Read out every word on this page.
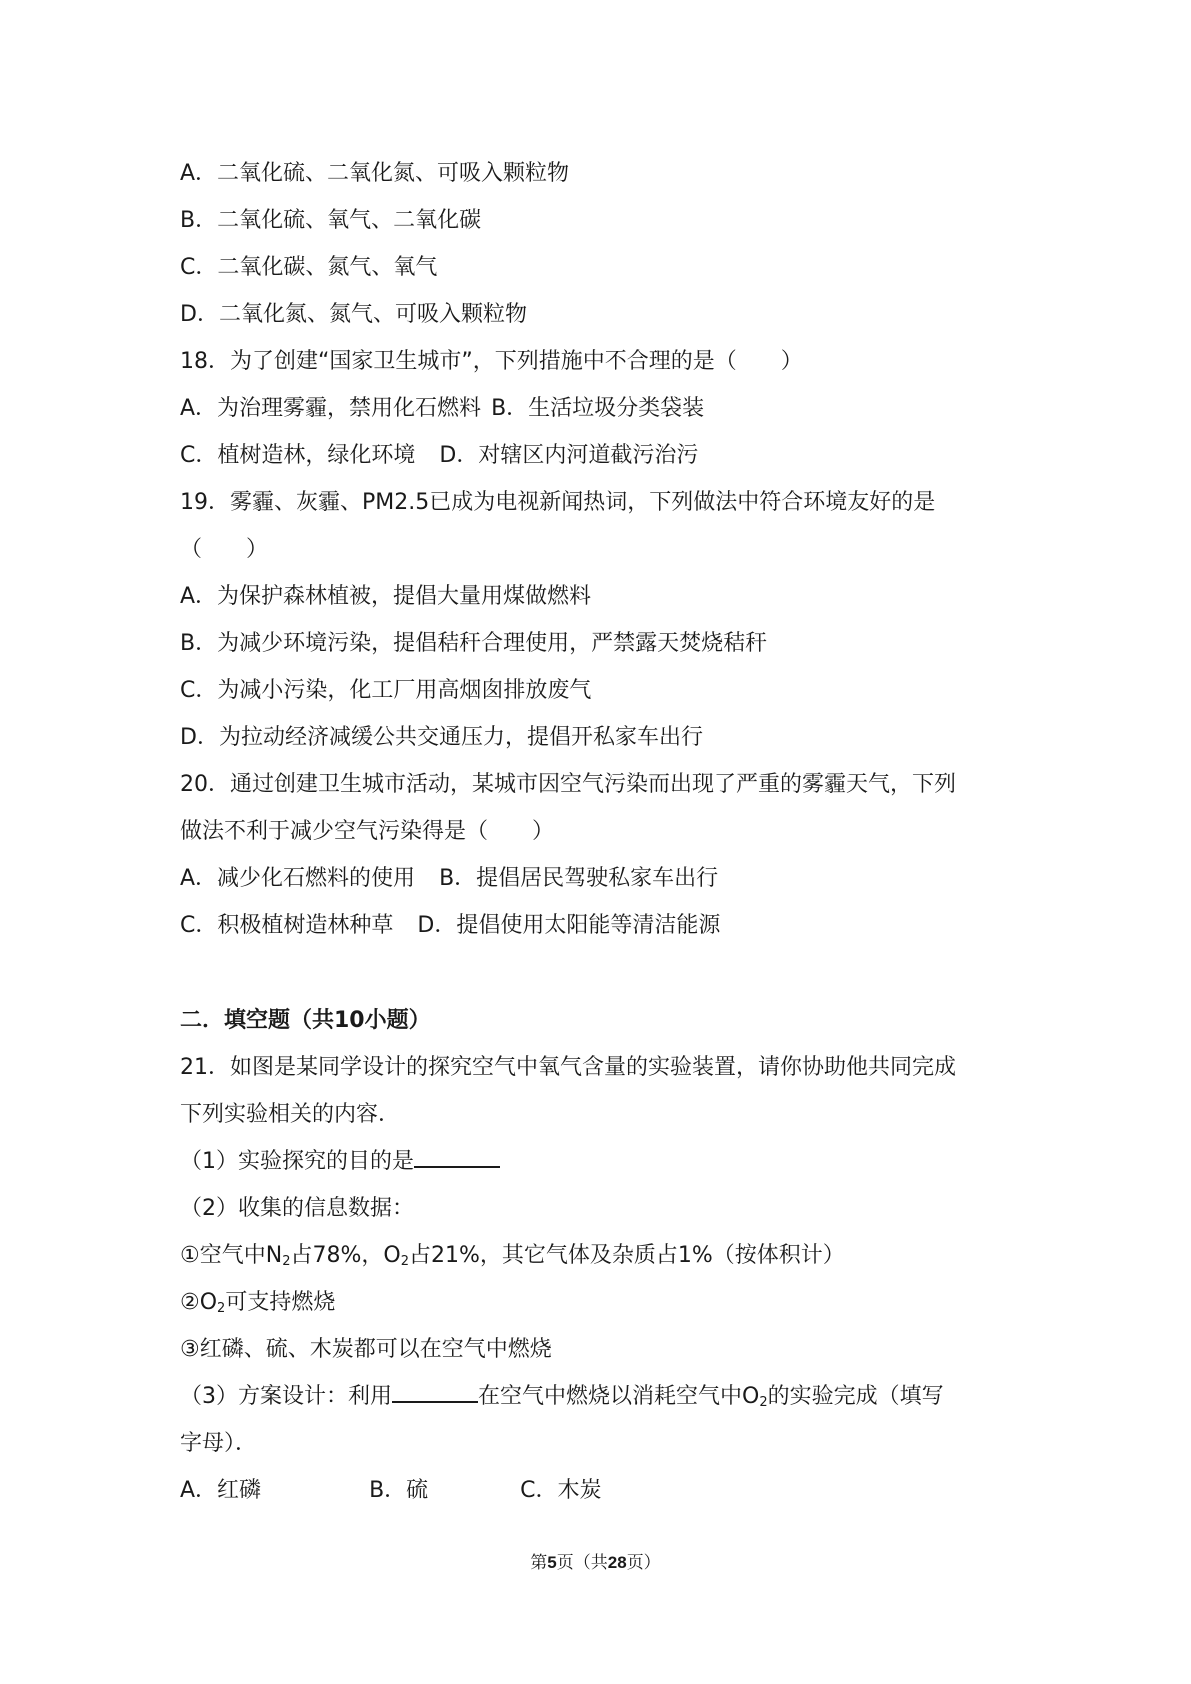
A．二氧化硫、二氧化氮、可吸入颗粒物
B．二氧化硫、氧气、二氧化碳
C．二氧化碳、氮气、氧气
D．二氧化氮、氮气、可吸入颗粒物
18．为了创建“国家卫生城市”，下列措施中不合理的是（　　）
A．为治理雾霾，禁用化石燃料 B．生活垃圾分类袋装
C．植树造林，绿化环境 D．对辖区内河道截污治污
19．雾霾、灰霾、PM2.5已成为电视新闻热词，下列做法中符合环境友好的是
（　　）
A．为保护森林植被，提倡大量用煤做燃料
B．为减少环境污染，提倡秸秆合理使用，严禁露天焚烧秸秆
C．为减小污染，化工厂用高烟囱排放废气
D．为拉动经济减缓公共交通压力，提倡开私家车出行
20．通过创建卫生城市活动，某城市因空气污染而出现了严重的雾霾天气，下列
做法不利于减少空气污染得是（　　）
A．减少化石燃料的使用 B．提倡居民驾驶私家车出行
C．积极植树造林种草 D．提倡使用太阳能等清洁能源
二．填空题（共10小题）
21．如图是某同学设计的探究空气中氧气含量的实验装置，请你协助他共同完成
下列实验相关的内容．
（1）实验探究的目的是
（2）收集的信息数据：
①空气中$N_2$占78%，$O_2$占21%，其它气体及杂质占1%（按体积计）
$②O_2$可支持燃烧
③红磷、硫、木炭都可以在空气中燃烧
（3）方案设计：利用	在空气中燃烧以消耗空气中$O_2$的实验完成（填写
字母）．
A．红磷	B．硫	C．木炭
第5页（共28页）
